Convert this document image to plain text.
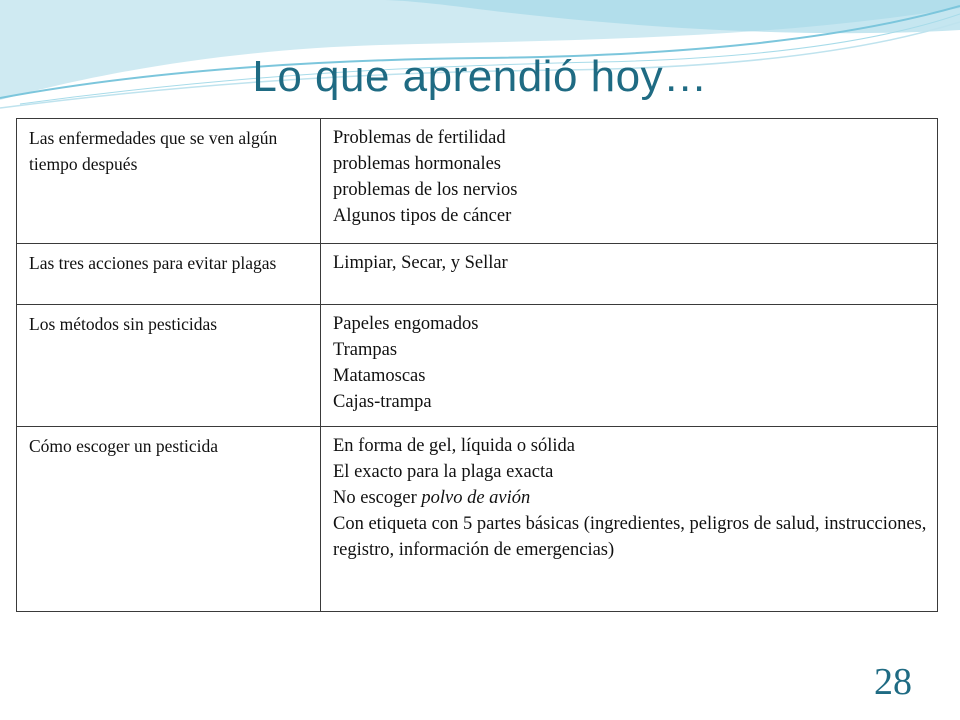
Lo que aprendió hoy…
Las enfermedades que se ven algún tiempo después	Problemas de fertilidad
problemas hormonales
problemas de los nervios
Algunos tipos de cáncer

Las tres acciones para evitar plagas	Limpiar, Secar, y Sellar

Los métodos sin pesticidas	Papeles engomados
Trampas
Matamoscas
Cajas-trampa

Cómo escoger un pesticida	En forma de gel, líquida o sólida
El exacto para la plaga exacta
No escoger polvo de avión
Con etiqueta con 5 partes básicas (ingredientes, peligros de salud, instrucciones, registro, información de emergencias)
28
